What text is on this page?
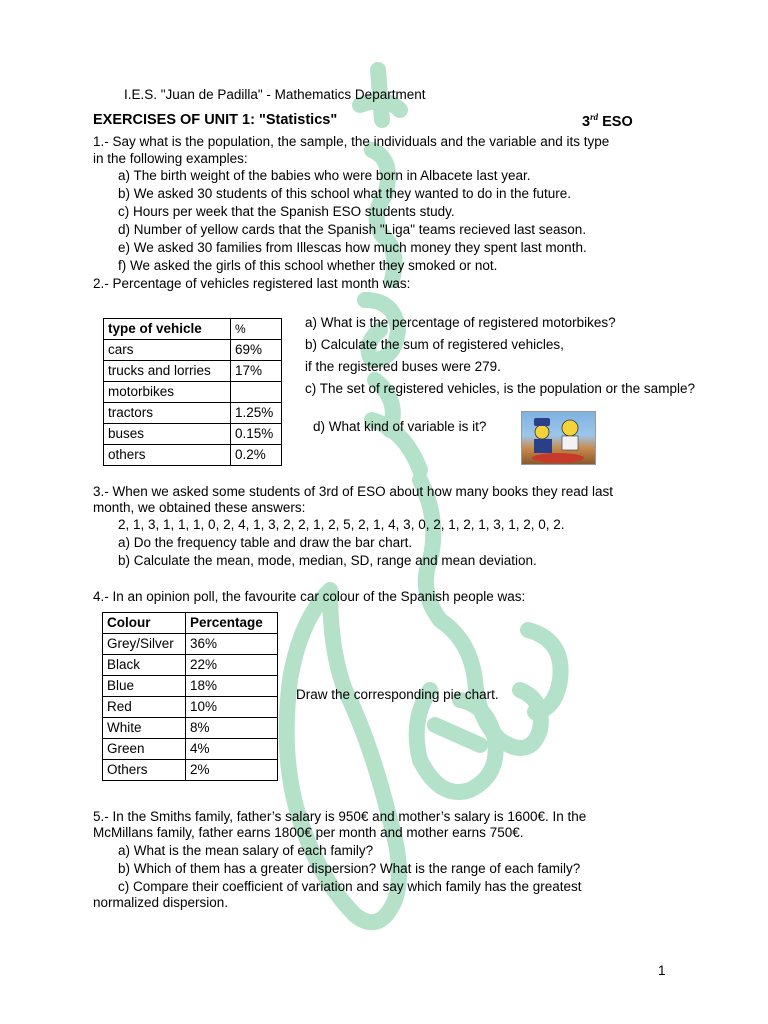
I.E.S. "Juan de Padilla" - Mathematics Department
EXERCISES OF UNIT 1: "Statistics"	3rd ESO
1.- Say what is the population, the sample, the individuals and the variable and its type
in the following examples:
a) The birth weight of the babies who were born in Albacete last year.
b) We asked 30 students of this school what they wanted to do in the future.
c) Hours per week that the Spanish ESO students study.
d) Number of yellow cards that the Spanish "Liga" teams recieved last season.
e) We asked 30 families from Illescas how much money they spent last month.
f) We asked the girls of this school whether they smoked or not.
2.- Percentage of vehicles registered last month was:
type of vehicle	%
cars	69%
trucks and lorries	17%
motorbikes	
tractors	1.25%
buses	0.15%
others	0.2%
a) What is the percentage of registered motorbikes?
b) Calculate the sum of registered vehicles,
if the registered buses were 279.
c) The set of registered vehicles, is the population or the sample?
d) What kind of variable is it?
3.- When we asked some students of 3rd of ESO about how many books they read last
month, we obtained these answers:
2, 1, 3, 1, 1, 1, 0, 2, 4, 1, 3, 2, 2, 1, 2, 5, 2, 1, 4, 3, 0, 2, 1, 2, 1, 3, 1, 2, 0, 2.
a) Do the frequency table and draw the bar chart.
b) Calculate the mean, mode, median, SD, range and mean deviation.
4.- In an opinion poll, the favourite car colour of the Spanish people was:
Colour	Percentage
Grey/Silver	36%
Black	22%
Blue	18%
Red	10%
White	8%
Green	4%
Others	2%
Draw the corresponding pie chart.
5.- In the Smiths family, father’s salary is 950€ and mother’s salary is 1600€. In the
McMillans family, father earns 1800€ per month and mother earns 750€.
a) What is the mean salary of each family?
b) Which of them has a greater dispersion? What is the range of each family?
c) Compare their coefficient of variation and say which family has the greatest
normalized dispersion.
1
